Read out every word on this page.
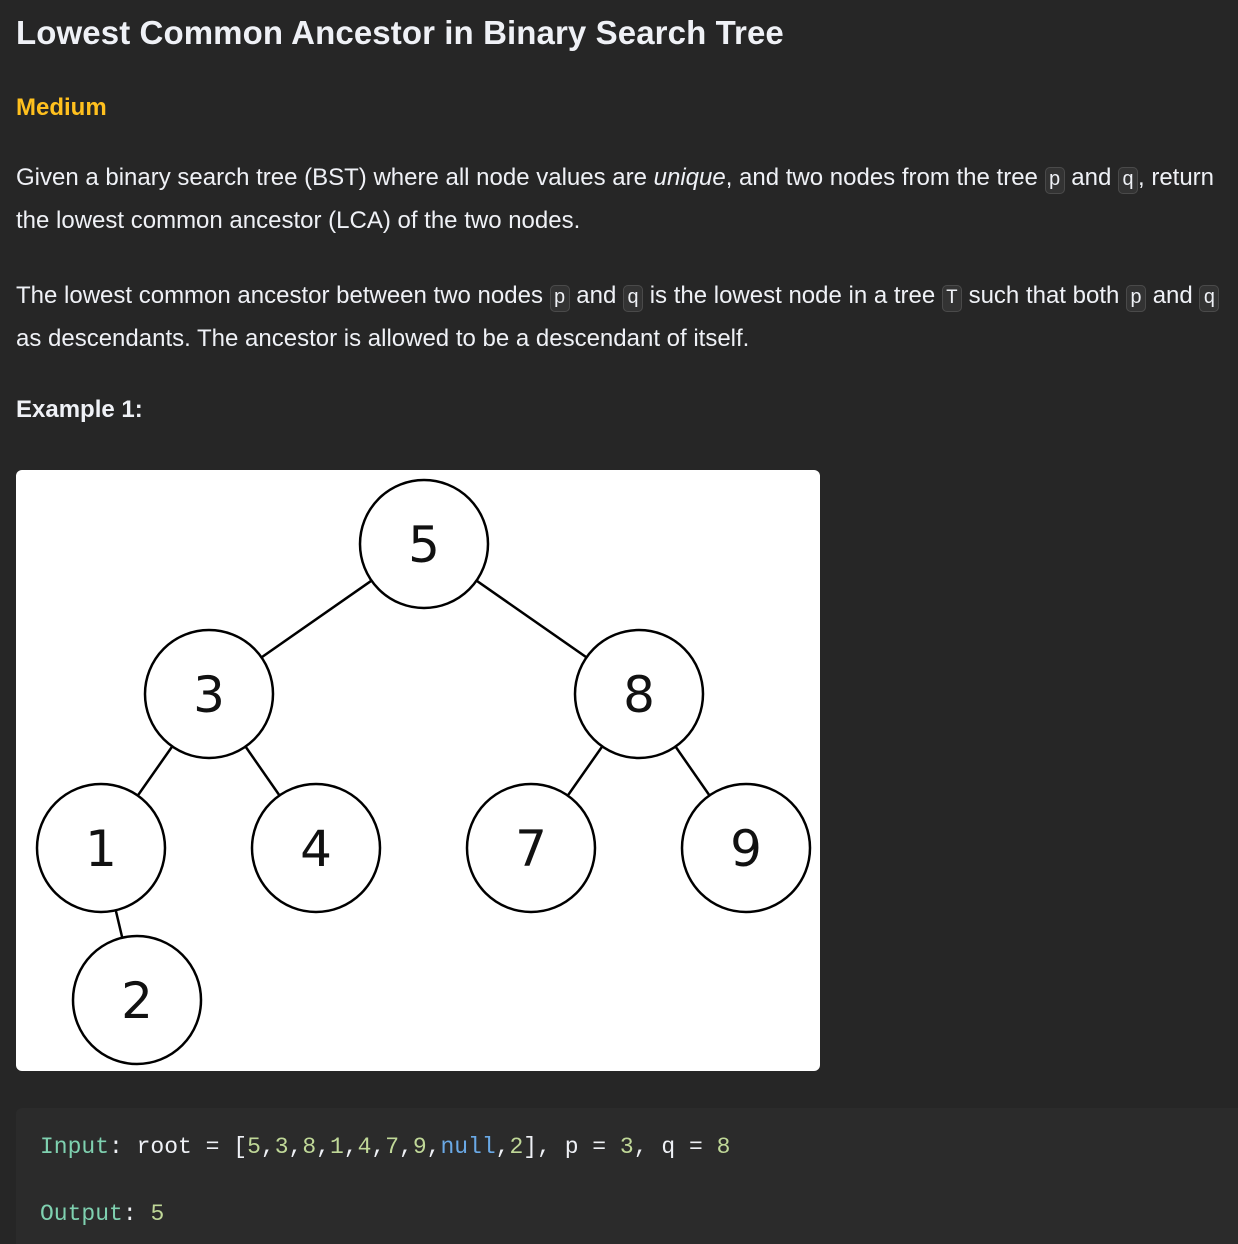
Lowest Common Ancestor in Binary Search Tree
Medium
Given a binary search tree (BST) where all node values are unique, and two nodes from the tree p and q , return the lowest common ancestor (LCA) of the two nodes.
The lowest common ancestor between two nodes p and q is the lowest node in a tree T such that both p and q as descendants. The ancestor is allowed to be a descendant of itself.
Example 1:
5
3	8
1	4	7	9
2
Input: root = [5,3,8,1,4,7,9,null,2], p = 3, q = 8
Output: 5
